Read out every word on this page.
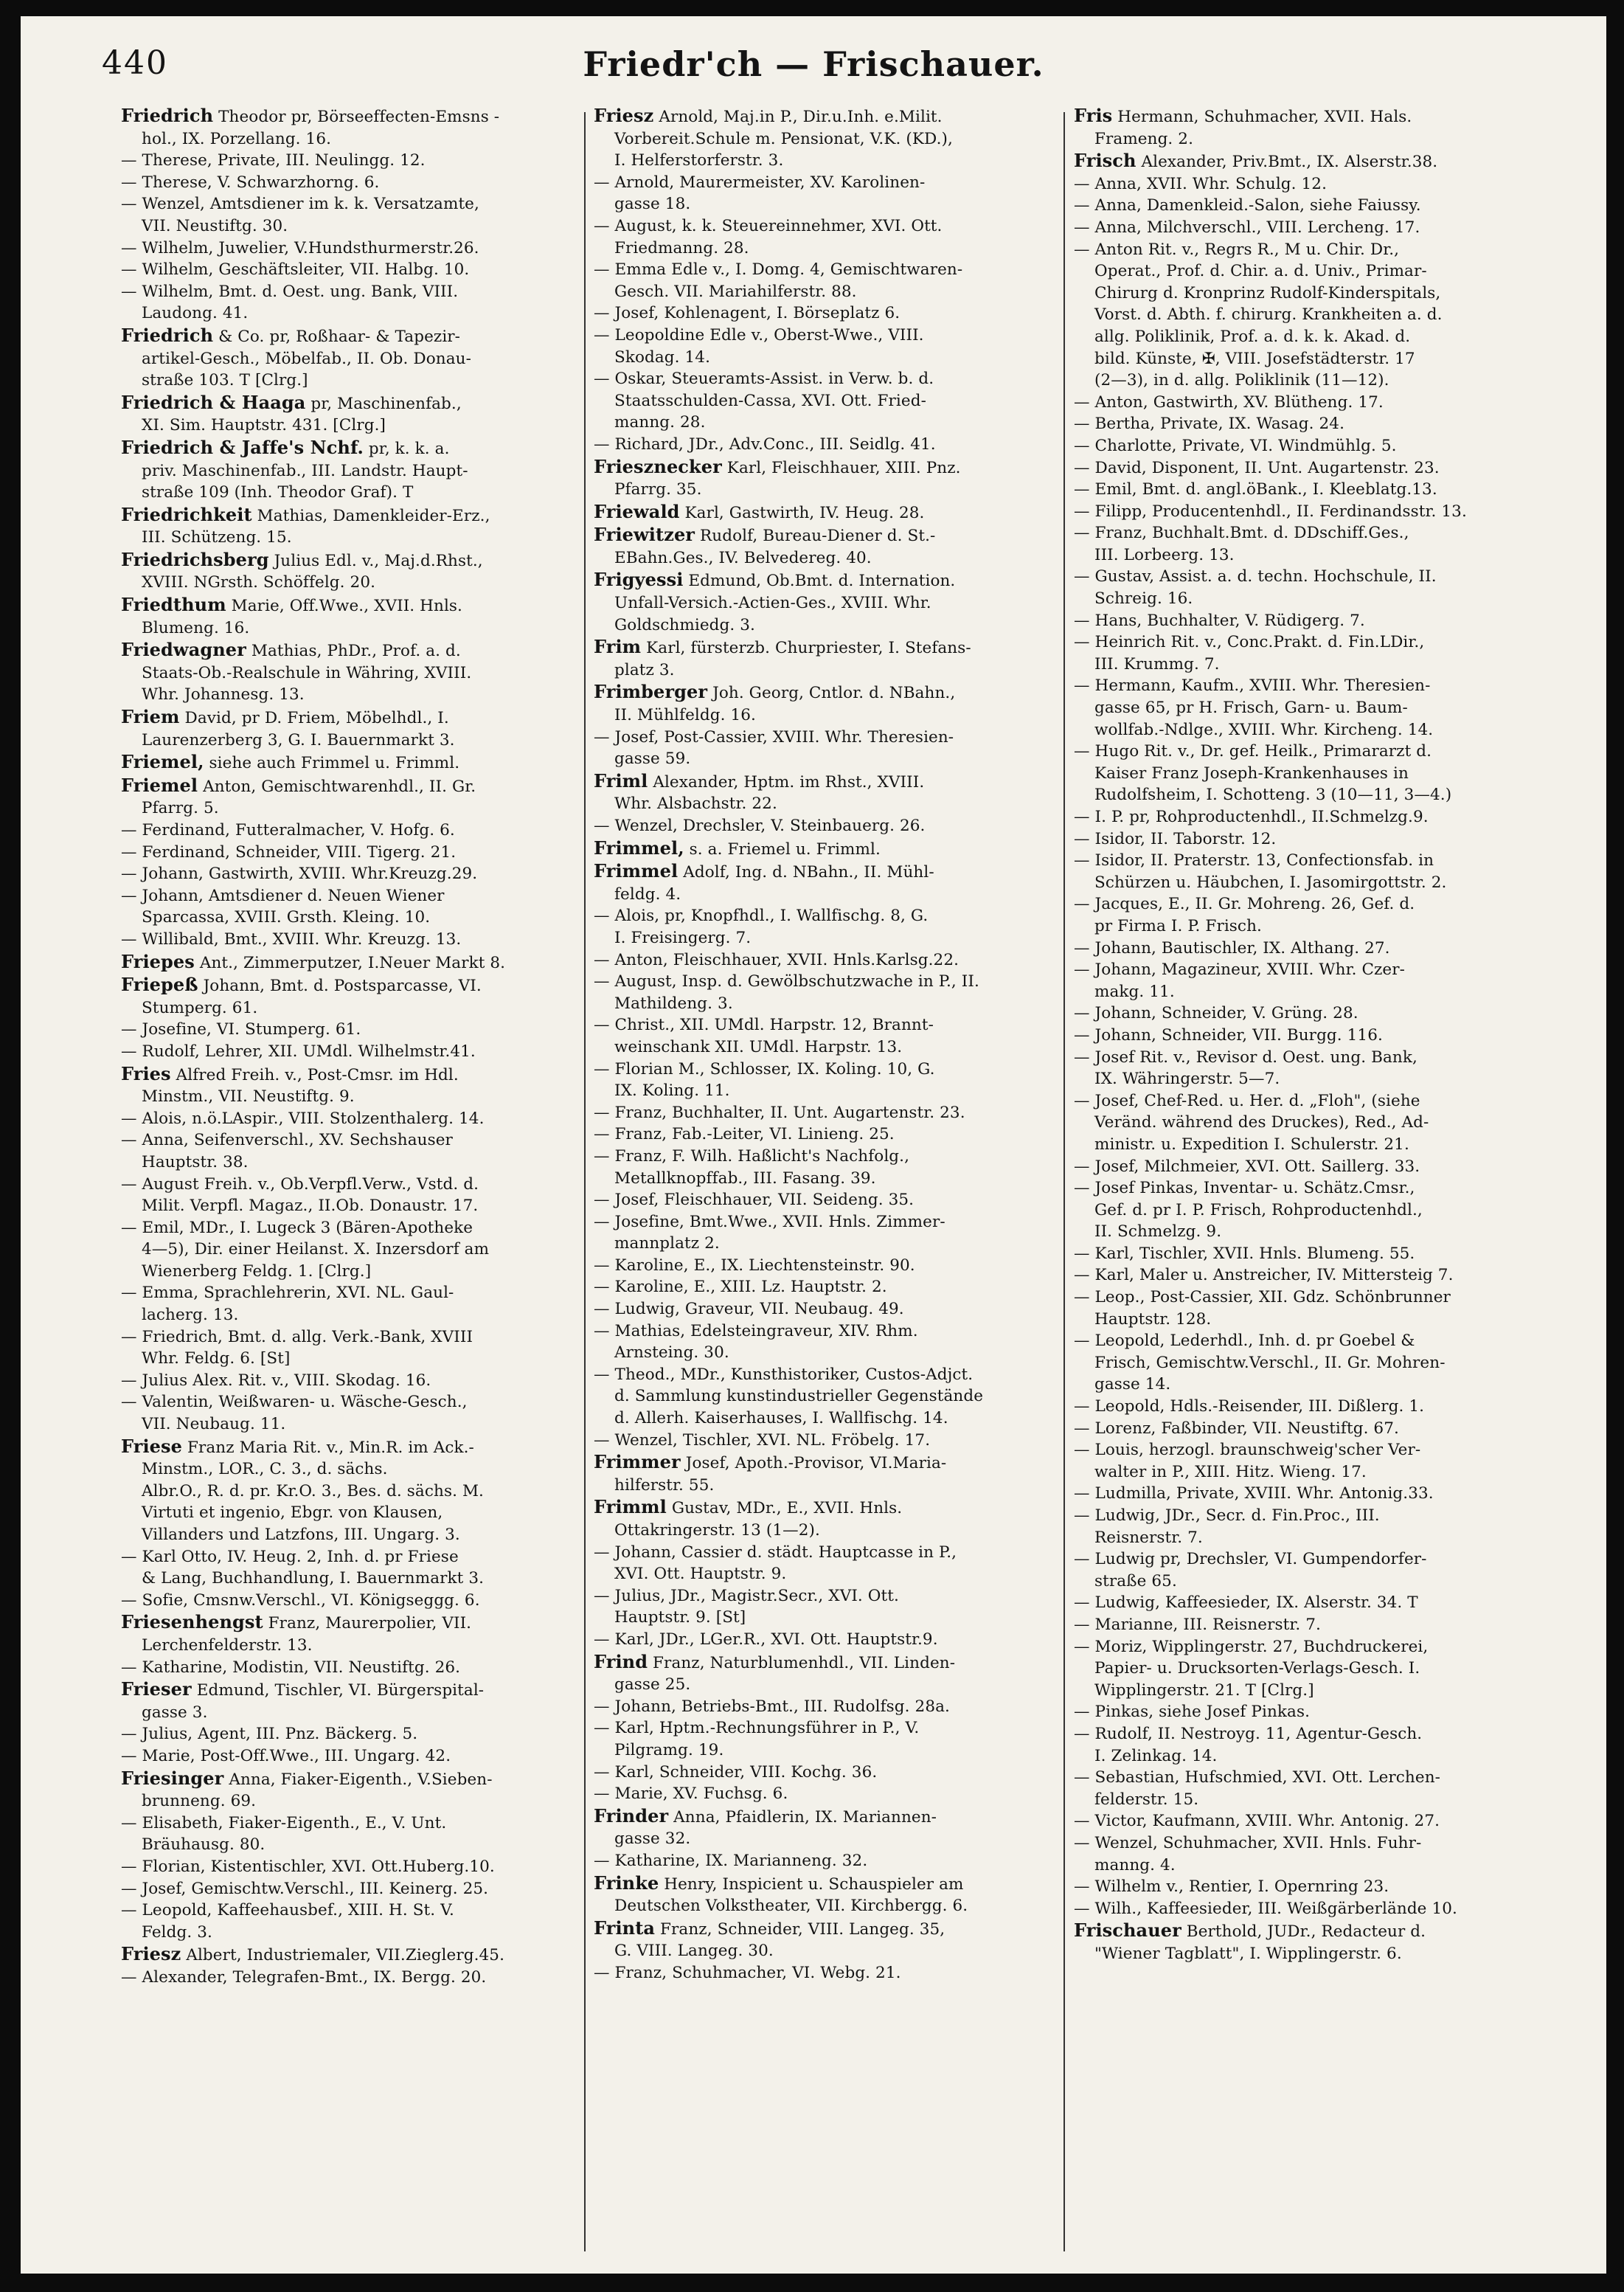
440	Friedr'ch — Frischauer.
Friedrich Theodor pr, Börseeffecten-Emsns -
hol., IX. Porzellang. 16.
— Therese, Private, III. Neulingg. 12.
— Therese, V. Schwarzhorng. 6.
— Wenzel, Amtsdiener im k. k. Versatzamte,
VII. Neustiftg. 30.
— Wilhelm, Juwelier, V.Hundsthurmerstr.26.
— Wilhelm, Geschäftsleiter, VII. Halbg. 10.
— Wilhelm, Bmt. d. Oest. ung. Bank, VIII.
Laudong. 41.
Friedrich & Co. pr, Roßhaar- & Tapezir-
artikel-Gesch., Möbelfab., II. Ob. Donau-
straße 103. T [Clrg.]
Friedrich & Haaga pr, Maschinenfab.,
XI. Sim. Hauptstr. 431. [Clrg.]
Friedrich & Jaffe's Nchf. pr, k. k. a.
priv. Maschinenfab., III. Landstr. Haupt-
straße 109 (Inh. Theodor Graf). T
Friedrichkeit Mathias, Damenkleider-Erz.,
III. Schützeng. 15.
Friedrichsberg Julius Edl. v., Maj.d.Rhst.,
XVIII. NGrsth. Schöffelg. 20.
Friedthum Marie, Off.Wwe., XVII. Hnls.
Blumeng. 16.
Friedwagner Mathias, PhDr., Prof. a. d.
Staats-Ob.-Realschule in Währing, XVIII.
Whr. Johannesg. 13.
Friem David, pr D. Friem, Möbelhdl., I.
Laurenzerberg 3, G. I. Bauernmarkt 3.
Friemel, siehe auch Frimmel u. Frimml.
Friemel Anton, Gemischtwarenhdl., II. Gr.
Pfarrg. 5.
— Ferdinand, Futteralmacher, V. Hofg. 6.
— Ferdinand, Schneider, VIII. Tigerg. 21.
— Johann, Gastwirth, XVIII. Whr.Kreuzg.29.
— Johann, Amtsdiener d. Neuen Wiener
Sparcassa, XVIII. Grsth. Kleing. 10.
— Willibald, Bmt., XVIII. Whr. Kreuzg. 13.
Friepes Ant., Zimmerputzer, I.Neuer Markt 8.
Friepeß Johann, Bmt. d. Postsparcasse, VI.
Stumperg. 61.
— Josefine, VI. Stumperg. 61.
— Rudolf, Lehrer, XII. UMdl. Wilhelmstr.41.
Fries Alfred Freih. v., Post-Cmsr. im Hdl.
Minstm., VII. Neustiftg. 9.
— Alois, n.ö.LAspir., VIII. Stolzenthalerg. 14.
— Anna, Seifenverschl., XV. Sechshauser
Hauptstr. 38.
— August Freih. v., Ob.Verpfl.Verw., Vstd. d.
Milit. Verpfl. Magaz., II.Ob. Donaustr. 17.
— Emil, MDr., I. Lugeck 3 (Bären-Apotheke
4—5), Dir. einer Heilanst. X. Inzersdorf am
Wienerberg Feldg. 1. [Clrg.]
— Emma, Sprachlehrerin, XVI. NL. Gaul-
lacherg. 13.
— Friedrich, Bmt. d. allg. Verk.-Bank, XVIII
Whr. Feldg. 6. [St]
— Julius Alex. Rit. v., VIII. Skodag. 16.
— Valentin, Weißwaren- u. Wäsche-Gesch.,
VII. Neubaug. 11.
Friese Franz Maria Rit. v., Min.R. im Ack.-
Minstm., LOR., C. 3., d. sächs.
Albr.O., R. d. pr. Kr.O. 3., Bes. d. sächs. M.
Virtuti et ingenio, Ebgr. von Klausen,
Villanders und Latzfons, III. Ungarg. 3.
— Karl Otto, IV. Heug. 2, Inh. d. pr Friese
& Lang, Buchhandlung, I. Bauernmarkt 3.
— Sofie, Cmsnw.Verschl., VI. Königseggg. 6.
Friesenhengst Franz, Maurerpolier, VII.
Lerchenfelderstr. 13.
— Katharine, Modistin, VII. Neustiftg. 26.
Frieser Edmund, Tischler, VI. Bürgerspital-
gasse 3.
— Julius, Agent, III. Pnz. Bäckerg. 5.
— Marie, Post-Off.Wwe., III. Ungarg. 42.
Friesinger Anna, Fiaker-Eigenth., V.Sieben-
brunneng. 69.
— Elisabeth, Fiaker-Eigenth., E., V. Unt.
Bräuhausg. 80.
— Florian, Kistentischler, XVI. Ott.Huberg.10.
— Josef, Gemischtw.Verschl., III. Keinerg. 25.
— Leopold, Kaffeehausbef., XIII. H. St. V.
Feldg. 3.
Friesz Albert, Industriemaler, VII.Zieglerg.45.
— Alexander, Telegrafen-Bmt., IX. Bergg. 20.
Friesz Arnold, Maj.in P., Dir.u.Inh. e.Milit.
Vorbereit.Schule m. Pensionat, V.K. (KD.),
I. Helferstorferstr. 3.
— Arnold, Maurermeister, XV. Karolinen-
gasse 18.
— August, k. k. Steuereinnehmer, XVI. Ott.
Friedmanng. 28.
— Emma Edle v., I. Domg. 4, Gemischtwaren-
Gesch. VII. Mariahilferstr. 88.
— Josef, Kohlenagent, I. Börseplatz 6.
— Leopoldine Edle v., Oberst-Wwe., VIII.
Skodag. 14.
— Oskar, Steueramts-Assist. in Verw. b. d.
Staatsschulden-Cassa, XVI. Ott. Fried-
manng. 28.
— Richard, JDr., Adv.Conc., III. Seidlg. 41.
Friesznecker Karl, Fleischhauer, XIII. Pnz.
Pfarrg. 35.
Friewald Karl, Gastwirth, IV. Heug. 28.
Friewitzer Rudolf, Bureau-Diener d. St.-
EBahn.Ges., IV. Belvedereg. 40.
Frigyessi Edmund, Ob.Bmt. d. Internation.
Unfall-Versich.-Actien-Ges., XVIII. Whr.
Goldschmiedg. 3.
Frim Karl, fürsterzb. Churpriester, I. Stefans-
platz 3.
Frimberger Joh. Georg, Cntlor. d. NBahn.,
II. Mühlfeldg. 16.
— Josef, Post-Cassier, XVIII. Whr. Theresien-
gasse 59.
Friml Alexander, Hptm. im Rhst., XVIII.
Whr. Alsbachstr. 22.
— Wenzel, Drechsler, V. Steinbauerg. 26.
Frimmel, s. a. Friemel u. Frimml.
Frimmel Adolf, Ing. d. NBahn., II. Mühl-
feldg. 4.
— Alois, pr, Knopfhdl., I. Wallfischg. 8, G.
I. Freisingerg. 7.
— Anton, Fleischhauer, XVII. Hnls.Karlsg.22.
— August, Insp. d. Gewölbschutzwache in P., II.
Mathildeng. 3.
— Christ., XII. UMdl. Harpstr. 12, Brannt-
weinschank XII. UMdl. Harpstr. 13.
— Florian M., Schlosser, IX. Koling. 10, G.
IX. Koling. 11.
— Franz, Buchhalter, II. Unt. Augartenstr. 23.
— Franz, Fab.-Leiter, VI. Linieng. 25.
— Franz, F. Wilh. Haßlicht's Nachfolg.,
Metallknopffab., III. Fasang. 39.
— Josef, Fleischhauer, VII. Seideng. 35.
— Josefine, Bmt.Wwe., XVII. Hnls. Zimmer-
mannplatz 2.
— Karoline, E., IX. Liechtensteinstr. 90.
— Karoline, E., XIII. Lz. Hauptstr. 2.
— Ludwig, Graveur, VII. Neubaug. 49.
— Mathias, Edelsteingraveur, XIV. Rhm.
Arnsteing. 30.
— Theod., MDr., Kunsthistoriker, Custos-Adjct.
d. Sammlung kunstindustrieller Gegenstände
d. Allerh. Kaiserhauses, I. Wallfischg. 14.
— Wenzel, Tischler, XVI. NL. Fröbelg. 17.
Frimmer Josef, Apoth.-Provisor, VI.Maria-
hilferstr. 55.
Frimml Gustav, MDr., E., XVII. Hnls.
Ottakringerstr. 13 (1—2).
— Johann, Cassier d. städt. Hauptcasse in P.,
XVI. Ott. Hauptstr. 9.
— Julius, JDr., Magistr.Secr., XVI. Ott.
Hauptstr. 9. [St]
— Karl, JDr., LGer.R., XVI. Ott. Hauptstr.9.
Frind Franz, Naturblumenhdl., VII. Linden-
gasse 25.
— Johann, Betriebs-Bmt., III. Rudolfsg. 28a.
— Karl, Hptm.-Rechnungsführer in P., V.
Pilgramg. 19.
— Karl, Schneider, VIII. Kochg. 36.
— Marie, XV. Fuchsg. 6.
Frinder Anna, Pfaidlerin, IX. Mariannen-
gasse 32.
— Katharine, IX. Marianneng. 32.
Frinke Henry, Inspicient u. Schauspieler am
Deutschen Volkstheater, VII. Kirchbergg. 6.
Frinta Franz, Schneider, VIII. Langeg. 35,
G. VIII. Langeg. 30.
— Franz, Schuhmacher, VI. Webg. 21.
Fris Hermann, Schuhmacher, XVII. Hals.
Frameng. 2.
Frisch Alexander, Priv.Bmt., IX. Alserstr.38.
— Anna, XVII. Whr. Schulg. 12.
— Anna, Damenkleid.-Salon, siehe Faiussy.
— Anna, Milchverschl., VIII. Lercheng. 17.
— Anton Rit. v., Regrs R., M u. Chir. Dr.,
Operat., Prof. d. Chir. a. d. Univ., Primar-
Chirurg d. Kronprinz Rudolf-Kinderspitals,
Vorst. d. Abth. f. chirurg. Krankheiten a. d.
allg. Poliklinik, Prof. a. d. k. k. Akad. d.
bild. Künste, ✠, VIII. Josefstädterstr. 17
(2—3), in d. allg. Poliklinik (11—12).
— Anton, Gastwirth, XV. Blütheng. 17.
— Bertha, Private, IX. Wasag. 24.
— Charlotte, Private, VI. Windmühlg. 5.
— David, Disponent, II. Unt. Augartenstr. 23.
— Emil, Bmt. d. angl.öBank., I. Kleeblatg.13.
— Filipp, Producentenhdl., II. Ferdinandsstr. 13.
— Franz, Buchhalt.Bmt. d. DDschiff.Ges.,
III. Lorbeerg. 13.
— Gustav, Assist. a. d. techn. Hochschule, II.
Schreig. 16.
— Hans, Buchhalter, V. Rüdigerg. 7.
— Heinrich Rit. v., Conc.Prakt. d. Fin.LDir.,
III. Krummg. 7.
— Hermann, Kaufm., XVIII. Whr. Theresien-
gasse 65, pr H. Frisch, Garn- u. Baum-
wollfab.-Ndlge., XVIII. Whr. Kircheng. 14.
— Hugo Rit. v., Dr. gef. Heilk., Primararzt d.
Kaiser Franz Joseph-Krankenhauses in
Rudolfsheim, I. Schotteng. 3 (10—11, 3—4.)
— I. P. pr, Rohproductenhdl., II.Schmelzg.9.
— Isidor, II. Taborstr. 12.
— Isidor, II. Praterstr. 13, Confectionsfab. in
Schürzen u. Häubchen, I. Jasomirgottstr. 2.
— Jacques, E., II. Gr. Mohreng. 26, Gef. d.
pr Firma I. P. Frisch.
— Johann, Bautischler, IX. Althang. 27.
— Johann, Magazineur, XVIII. Whr. Czer-
makg. 11.
— Johann, Schneider, V. Grüng. 28.
— Johann, Schneider, VII. Burgg. 116.
— Josef Rit. v., Revisor d. Oest. ung. Bank,
IX. Währingerstr. 5—7.
— Josef, Chef-Red. u. Her. d. „Floh", (siehe
Veränd. während des Druckes), Red., Ad-
ministr. u. Expedition I. Schulerstr. 21.
— Josef, Milchmeier, XVI. Ott. Saillerg. 33.
— Josef Pinkas, Inventar- u. Schätz.Cmsr.,
Gef. d. pr I. P. Frisch, Rohproductenhdl.,
II. Schmelzg. 9.
— Karl, Tischler, XVII. Hnls. Blumeng. 55.
— Karl, Maler u. Anstreicher, IV. Mittersteig 7.
— Leop., Post-Cassier, XII. Gdz. Schönbrunner
Hauptstr. 128.
— Leopold, Lederhdl., Inh. d. pr Goebel &
Frisch, Gemischtw.Verschl., II. Gr. Mohren-
gasse 14.
— Leopold, Hdls.-Reisender, III. Dißlerg. 1.
— Lorenz, Faßbinder, VII. Neustiftg. 67.
— Louis, herzogl. braunschweig'scher Ver-
walter in P., XIII. Hitz. Wieng. 17.
— Ludmilla, Private, XVIII. Whr. Antonig.33.
— Ludwig, JDr., Secr. d. Fin.Proc., III.
Reisnerstr. 7.
— Ludwig pr, Drechsler, VI. Gumpendorfer-
straße 65.
— Ludwig, Kaffeesieder, IX. Alserstr. 34. T
— Marianne, III. Reisnerstr. 7.
— Moriz, Wipplingerstr. 27, Buchdruckerei,
Papier- u. Drucksorten-Verlags-Gesch. I.
Wipplingerstr. 21. T [Clrg.]
— Pinkas, siehe Josef Pinkas.
— Rudolf, II. Nestroyg. 11, Agentur-Gesch.
I. Zelinkag. 14.
— Sebastian, Hufschmied, XVI. Ott. Lerchen-
felderstr. 15.
— Victor, Kaufmann, XVIII. Whr. Antonig. 27.
— Wenzel, Schuhmacher, XVII. Hnls. Fuhr-
manng. 4.
— Wilhelm v., Rentier, I. Opernring 23.
— Wilh., Kaffeesieder, III. Weißgärberlände 10.
Frischauer Berthold, JUDr., Redacteur d.
"Wiener Tagblatt", I. Wipplingerstr. 6.
